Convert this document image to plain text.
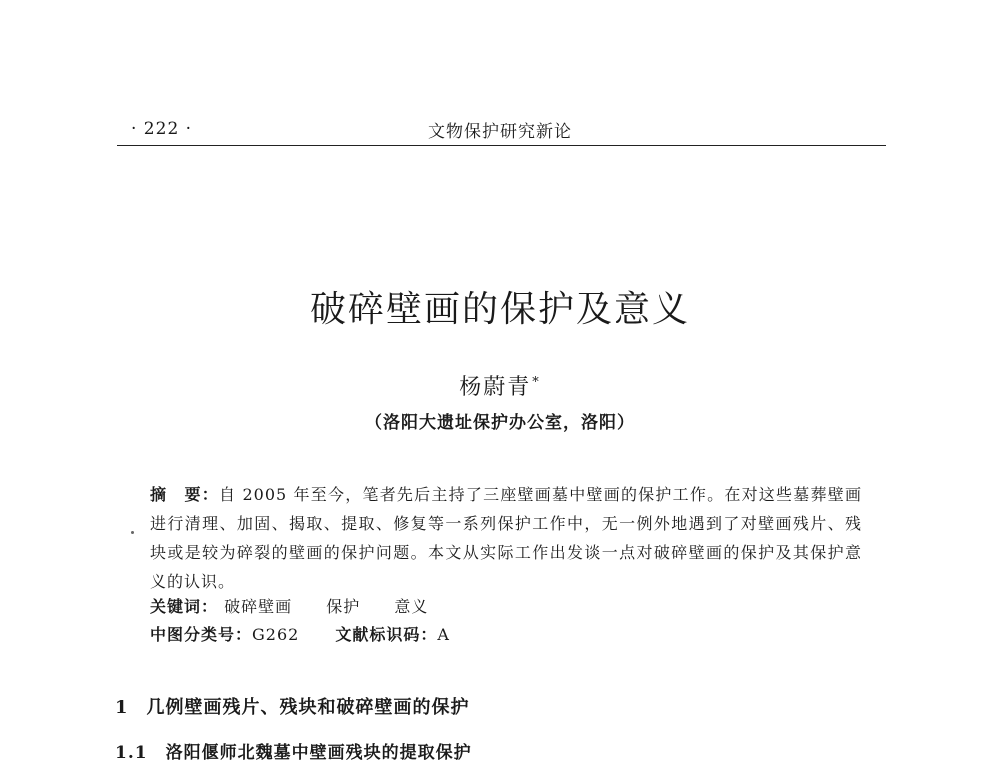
· 222 ·	文物保护研究新论
破碎壁画的保护及意义
杨蔚青*
（洛阳大遗址保护办公室，洛阳）
摘　要：自 2005 年至今，笔者先后主持了三座壁画墓中壁画的保护工作。在对这些墓葬壁画进行清理、加固、揭取、提取、修复等一系列保护工作中，无一例外地遇到了对壁画残片、残块或是较为碎裂的壁画的保护问题。本文从实际工作出发谈一点对破碎壁画的保护及其保护意义的认识。
关键词： 破碎壁画 保护 意义
中图分类号：G262 文献标识码：A
1 几例壁画残片、残块和破碎壁画的保护
1.1 洛阳偃师北魏墓中壁画残块的提取保护
